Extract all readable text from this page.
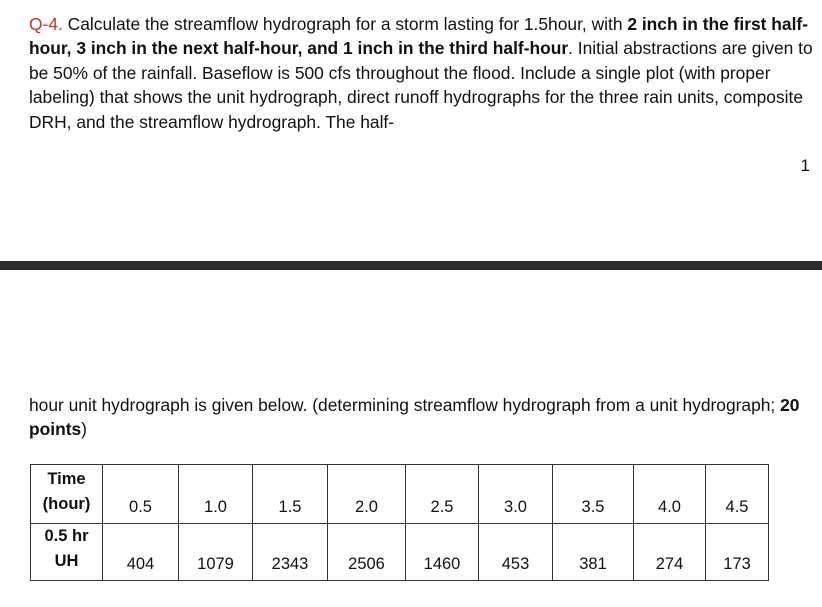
Q-4. Calculate the streamflow hydrograph for a storm lasting for 1.5hour, with 2 inch in the first half-hour, 3 inch in the next half-hour, and 1 inch in the third half-hour. Initial abstractions are given to be 50% of the rainfall. Baseflow is 500 cfs throughout the flood. Include a single plot (with proper labeling) that shows the unit hydrograph, direct runoff hydrographs for the three rain units, composite DRH, and the streamflow hydrograph. The half-

1

hour unit hydrograph is given below. (determining streamflow hydrograph from a unit hydrograph; 20 points)

Time
(hour)	0.5	1.0	1.5	2.0	2.5	3.0	3.5	4.0	4.5
0.5 hr
UH	404	1079	2343	2506	1460	453	381	274	173
